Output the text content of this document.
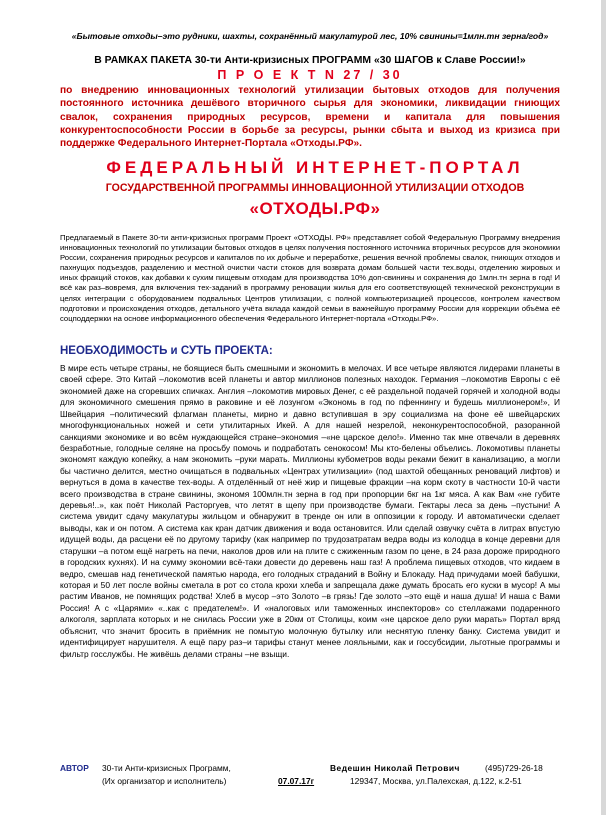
«Бытовые отходы–это рудники, шахты, сохранённый макулатурой лес, 10% свинины=1млн.тн зерна/год»
В РАМКАХ ПАКЕТА 30-ти Анти-кризисных ПРОГРАММ «30 ШАГОВ к Славе России!»
П Р О Е К Т N 27 / 30
по внедрению инновационных технологий утилизации бытовых отходов для получения постоянного источника дешёвого вторичного сырья для экономики, ликвидации гниющих свалок, сохранения природных ресурсов, времени и капитала для повышения конкурентоспособности России в борьбе за ресурсы, рынки сбыта и выход из кризиса при поддержке Федерального Интернет-Портала «Отходы.РФ».
ФЕДЕРАЛЬНЫЙ ИНТЕРНЕТ-ПОРТАЛ
ГОСУДАРСТВЕННОЙ ПРОГРАММЫ ИННОВАЦИОННОЙ УТИЛИЗАЦИИ ОТХОДОВ
«ОТХОДЫ.РФ»
Предлагаемый в Пакете 30-ти анти-кризисных программ Проект «ОТХОДЫ. РФ» представляет собой Федеральную Программу внедрения инновационных технологий по утилизации бытовых отходов в целях получения постоянного источника вторичных ресурсов для экономики России, сохранения природных ресурсов и капиталов по их добыче и переработке, решения вечной проблемы свалок, гниющих отходов и пахнущих подъездов, разделению и местной очистки части стоков для возврата домам большей части тех.воды, отделению жировых и иных фракций стоков, как добавки к сухим пищевым отходам для производства 10% доп-свинины и сохранения до 1млн.тн зерна в год! И всё как раз–вовремя, для включения тех-заданий в программу реновации жилья для его соответствующей технической реконструкции в целях интеграции с оборудованием подвальных Центров утилизации, с полной компьютеризацией процессов, контролем качеством подготовки и происхождения отходов, детального учёта вклада каждой семьи в важнейшую программу России для коррекции объёма её соцподдержки на основе информационного обеспечения Федерального Интернет-портала «Отходы.РФ».
НЕОБХОДИМОСТЬ и СУТЬ ПРОЕКТА:
В мире есть четыре страны, не боящиеся быть смешными и экономить в мелочах. И все четыре являются лидерами планеты в своей сфере. Это Китай –локомотив всей планеты и автор миллионов полезных находок. Германия –локомотив Европы с её экономией даже на сгоревших спичках. Англия –локомотив мировых Денег, с её раздельной подачей горячей и холодной воды для экономичного смешения прямо в раковине и её лозунгом «Экономь в год по пфеннингу и будешь миллионером!», И Швейцария –политический флагман планеты, мирно и давно вступившая в эру социализма на фоне её швейцарских многофункциональных ножей и сети утилитарных Икей. А для нашей незрелой, неконкурентоспособной, разоранной санкциями экономике и во всём нуждающейся стране–экономия –«не царское дело!». Именно так мне отвечали в деревнях безработные, голодные селяне на просьбу помочь и подработать сенокосом! Мы кто-белены объелись. Локомотивы планеты экономят каждую копейку, а нам экономить –руки марать. Миллионы кубометров воды реками бежит в канализацию, а могли бы частично делится, местно очищаться в подвальных «Центрах утилизации» (под шахтой обещанных реноваций лифтов) и вернуться в дома в качестве тех-воды. А отделённый от неё жир и пищевые фракции –на корм скоту в частности 10-й части всего производства в стране свинины, экономя 100млн.тн зерна в год при пропорции 6кг на 1кг мяса. А как Вам «не губите деревья!..», как поёт Николай Расторгуев, что летят в щепу при производстве бумаги. Гектары леса за день –пустыни! А система увидит сдачу макулатуры жильцом и обнаружит в тренде он или в оппозиции к городу. И автоматически сделает выводы, как и он потом. А система как кран датчик движения и вода остановится. Или сделай озвучку счёта в литрах впустую идущей воды, да расцени её по другому тарифу (как например по трудозатратам ведра воды из колодца в конце деревни для старушки –а потом ещё нагреть на печи, наколов дров или на плите с сжиженным газом по цене, в 24 раза дороже природного в городских кухнях). И на сумму экономии всё-таки довести до деревень наш газ! А проблема пищевых отходов, что кидаем в ведро, смешав над генетической памятью народа, его голодных страданий в Войну и Блокаду. Над причудами моей бабушки, которая и 50 лет после войны сметала в рот со стола крохи хлеба и запрещала даже думать бросать его куски в мусор! А мы растим Иванов, не помнящих родства! Хлеб в мусор –это Золото –в грязь! Где золото –это ещё и наша душа! И наша с Вами Россия! А с «Царями» «..как с предателем!». И «налоговых или таможенных инспекторов» со стеллажами подаренного алкоголя, зарплата которых и не снилась России уже в 20км от Столицы, коим «не царское дело руки марать» Портал вряд объяснит, что значит бросить в приёмник не помытую молочную бутылку или неснятую пленку банку. Система увидит и идентифицирует нарушителя. А ещё пару раз–и тарифы станут менее лояльными, как и госсубсидии, льготные программы и фильтр госслужбы. Не живёшь делами страны –не взыщи.
АВТОР 30-ти Анти-кризисных Программ,	Ведешин Николай Петрович	(495)729-26-18
(Их организатор и исполнитель)	07.07.17г	129347, Москва, ул.Палехская, д.122, к.2-51
